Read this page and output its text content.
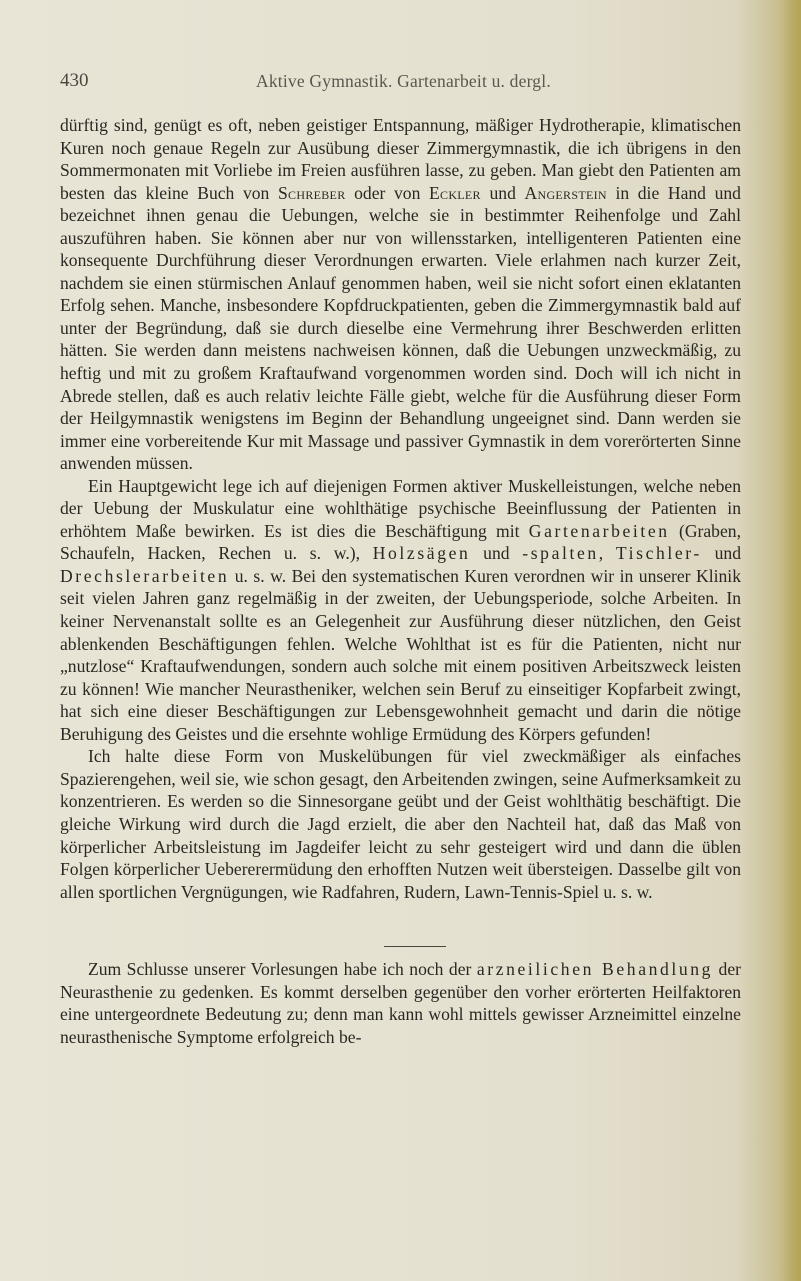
430	Aktive Gymnastik. Gartenarbeit u. dergl.

dürftig sind, genügt es oft, neben geistiger Entspannung, mäßiger Hydrotherapie, klimatischen Kuren noch genaue Regeln zur Ausübung dieser Zimmergymnastik, die ich übrigens in den Sommermonaten mit Vorliebe im Freien ausführen lasse, zu geben. Man giebt den Patienten am besten das kleine Buch von Schreber oder von Eckler und Angerstein in die Hand und bezeichnet ihnen genau die Uebungen, welche sie in bestimmter Reihenfolge und Zahl auszuführen haben. Sie können aber nur von willensstarken, intelligenteren Patienten eine konsequente Durchführung dieser Verordnungen erwarten. Viele erlahmen nach kurzer Zeit, nachdem sie einen stürmischen Anlauf genommen haben, weil sie nicht sofort einen eklatanten Erfolg sehen. Manche, insbesondere Kopfdruckpatienten, geben die Zimmergymnastik bald auf unter der Begründung, daß sie durch dieselbe eine Vermehrung ihrer Beschwerden erlitten hätten. Sie werden dann meistens nachweisen können, daß die Uebungen unzweckmäßig, zu heftig und mit zu großem Kraftaufwand vorgenommen worden sind. Doch will ich nicht in Abrede stellen, daß es auch relativ leichte Fälle giebt, welche für die Ausführung dieser Form der Heilgymnastik wenigstens im Beginn der Behandlung ungeeignet sind. Dann werden sie immer eine vorbereitende Kur mit Massage und passiver Gymnastik in dem vorerörterten Sinne anwenden müssen.

Ein Hauptgewicht lege ich auf diejenigen Formen aktiver Muskelleistungen, welche neben der Uebung der Muskulatur eine wohlthätige psychische Beeinflussung der Patienten in erhöhtem Maße bewirken. Es ist dies die Beschäftigung mit Gartenarbeiten (Graben, Schaufeln, Hacken, Rechen u. s. w.), Holzsägen und -spalten, Tischler- und Drechslerarbeiten u. s. w. Bei den systematischen Kuren verordnen wir in unserer Klinik seit vielen Jahren ganz regelmäßig in der zweiten, der Uebungsperiode, solche Arbeiten. In keiner Nervenanstalt sollte es an Gelegenheit zur Ausführung dieser nützlichen, den Geist ablenkenden Beschäftigungen fehlen. Welche Wohlthat ist es für die Patienten, nicht nur „nutzlose“ Kraftaufwendungen, sondern auch solche mit einem positiven Arbeitszweck leisten zu können! Wie mancher Neurastheniker, welchen sein Beruf zu einseitiger Kopfarbeit zwingt, hat sich eine dieser Beschäftigungen zur Lebensgewohnheit gemacht und darin die nötige Beruhigung des Geistes und die ersehnte wohlige Ermüdung des Körpers gefunden!

Ich halte diese Form von Muskelübungen für viel zweckmäßiger als einfaches Spazierengehen, weil sie, wie schon gesagt, den Arbeitenden zwingen, seine Aufmerksamkeit zu konzentrieren. Es werden so die Sinnesorgane geübt und der Geist wohlthätig beschäftigt. Die gleiche Wirkung wird durch die Jagd erzielt, die aber den Nachteil hat, daß das Maß von körperlicher Arbeitsleistung im Jagdeifer leicht zu sehr gesteigert wird und dann die üblen Folgen körperlicher Uebererermüdung den erhofften Nutzen weit übersteigen. Dasselbe gilt von allen sportlichen Vergnügungen, wie Radfahren, Rudern, Lawn-Tennis-Spiel u. s. w.

Zum Schlusse unserer Vorlesungen habe ich noch der arzneilichen Behandlung der Neurasthenie zu gedenken. Es kommt derselben gegenüber den vorher erörterten Heilfaktoren eine untergeordnete Bedeutung zu; denn man kann wohl mittels gewisser Arzneimittel einzelne neurasthenische Symptome erfolgreich be-
